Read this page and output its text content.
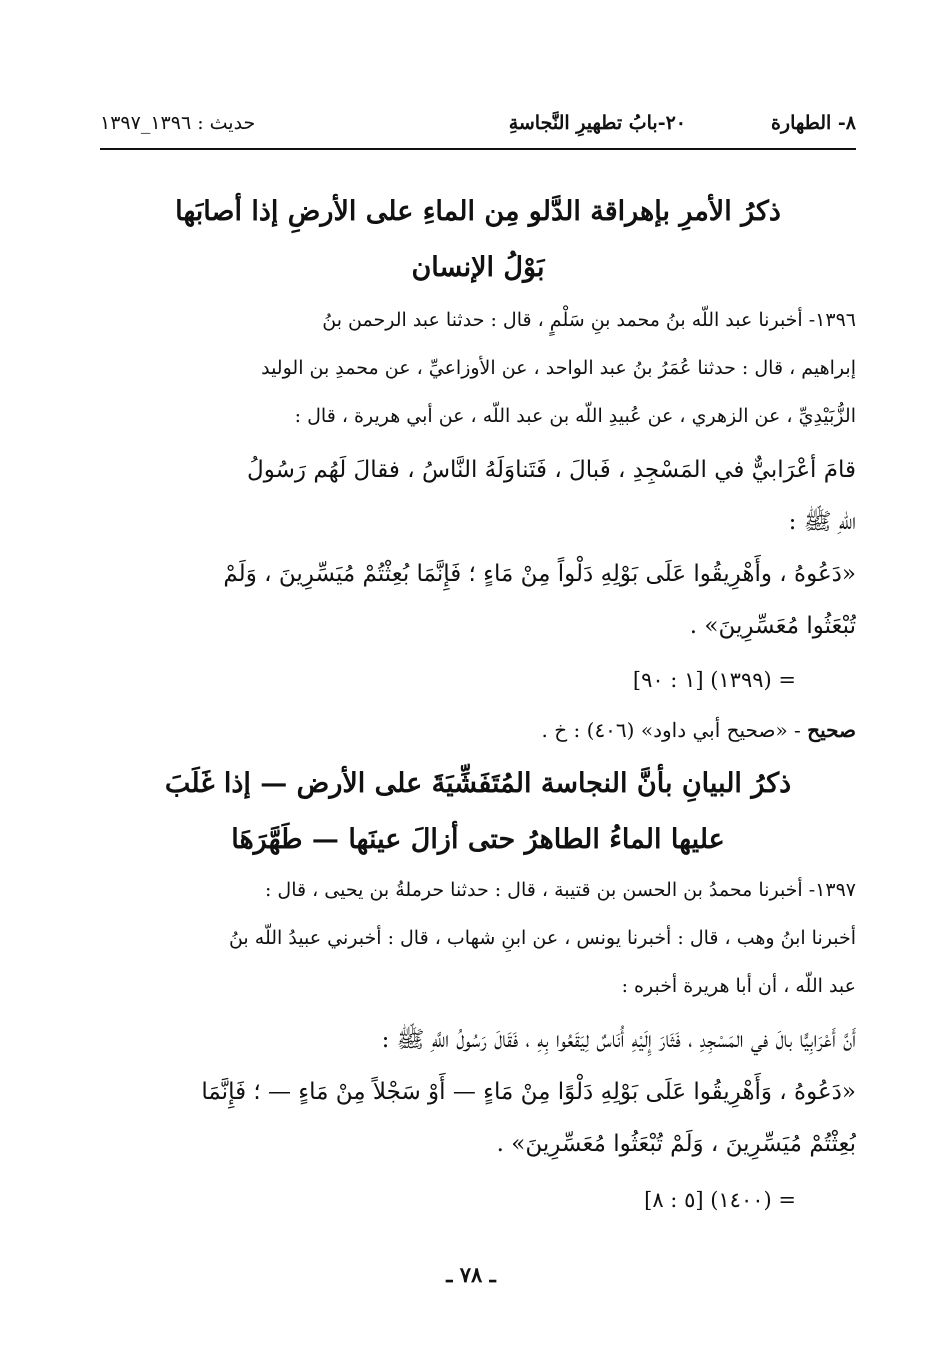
٨- الطهارة
٢٠-بابُ تطهيرِ النَّجاسةِ
حديث : ١٣٩٦_١٣٩٧
ذكرُ الأمرِ بإهراقة الدَّلو مِن الماءِ على الأرضِ إذا أصابَها
بَوْلُ الإنسان
١٣٩٦- أخبرنا عبد اللّه بنُ محمد بنِ سَلْمٍ ، قال : حدثنا عبد الرحمن بنُ
إبراهيم ، قال : حدثنا عُمَرُ بنُ عبد الواحد ، عن الأوزاعيِّ ، عن محمدِ بن الوليد
الزُّبَيْدِيِّ ، عن الزهري ، عن عُبيدِ اللّه بن عبد اللّه ، عن أبي هريرة ، قال :
قامَ أعْرَابيٌّ في المَسْجِدِ ، فَبالَ ، فَتَناوَلَهُ النَّاسُ ، فقالَ لَهُم رَسُولُ
اللّهِ ﷺ :
«دَعُوهُ ، وأَهْرِيقُوا عَلَى بَوْلِهِ دَلْواً مِنْ مَاءٍ ؛ فَإِنَّمَا بُعِثْتُمْ مُيَسِّرِينَ ، وَلَمْ
تُبْعَثُوا مُعَسِّرِينَ» .
= (١٣٩٩) [١ : ٩٠]
صحيح - «صحيح أبي داود» (٤٠٦) : خ .
ذكرُ البيانِ بأنَّ النجاسة المُتَفَشِّيَةَ على الأرض — إذا غَلَبَ
عليها الماءُ الطاهرُ حتى أزالَ عينَها — طَهَّرَهَا
١٣٩٧- أخبرنا محمدُ بن الحسن بن قتيبة ، قال : حدثنا حرملةُ بن يحيى ، قال :
أخبرنا ابنُ وهب ، قال : أخبرنا يونس ، عن ابنِ شهاب ، قال : أخبرني عبيدُ اللّه بنُ
عبد اللّه ، أن أبا هريرة أخبره :
أَنَّ أَعْرَابِيًّا بالَ في المَسْجِدِ ، فَثَارَ إِلَيْهِ أُنَاسٌ لِيَقَعُوا بِهِ ، فَقَالَ رَسُولُ اللَّهِ ﷺ :
«دَعُوهُ ، وَأَهْرِيقُوا عَلَى بَوْلِهِ دَلْوًا مِنْ مَاءٍ — أَوْ سَجْلاً مِنْ مَاءٍ — ؛ فَإِنَّمَا
بُعِثْتُمْ مُيَسِّرِينَ ، وَلَمْ تُبْعَثُوا مُعَسِّرِينَ» .
= (١٤٠٠) [٥ : ٨]
ـ ٧٨ ـ
